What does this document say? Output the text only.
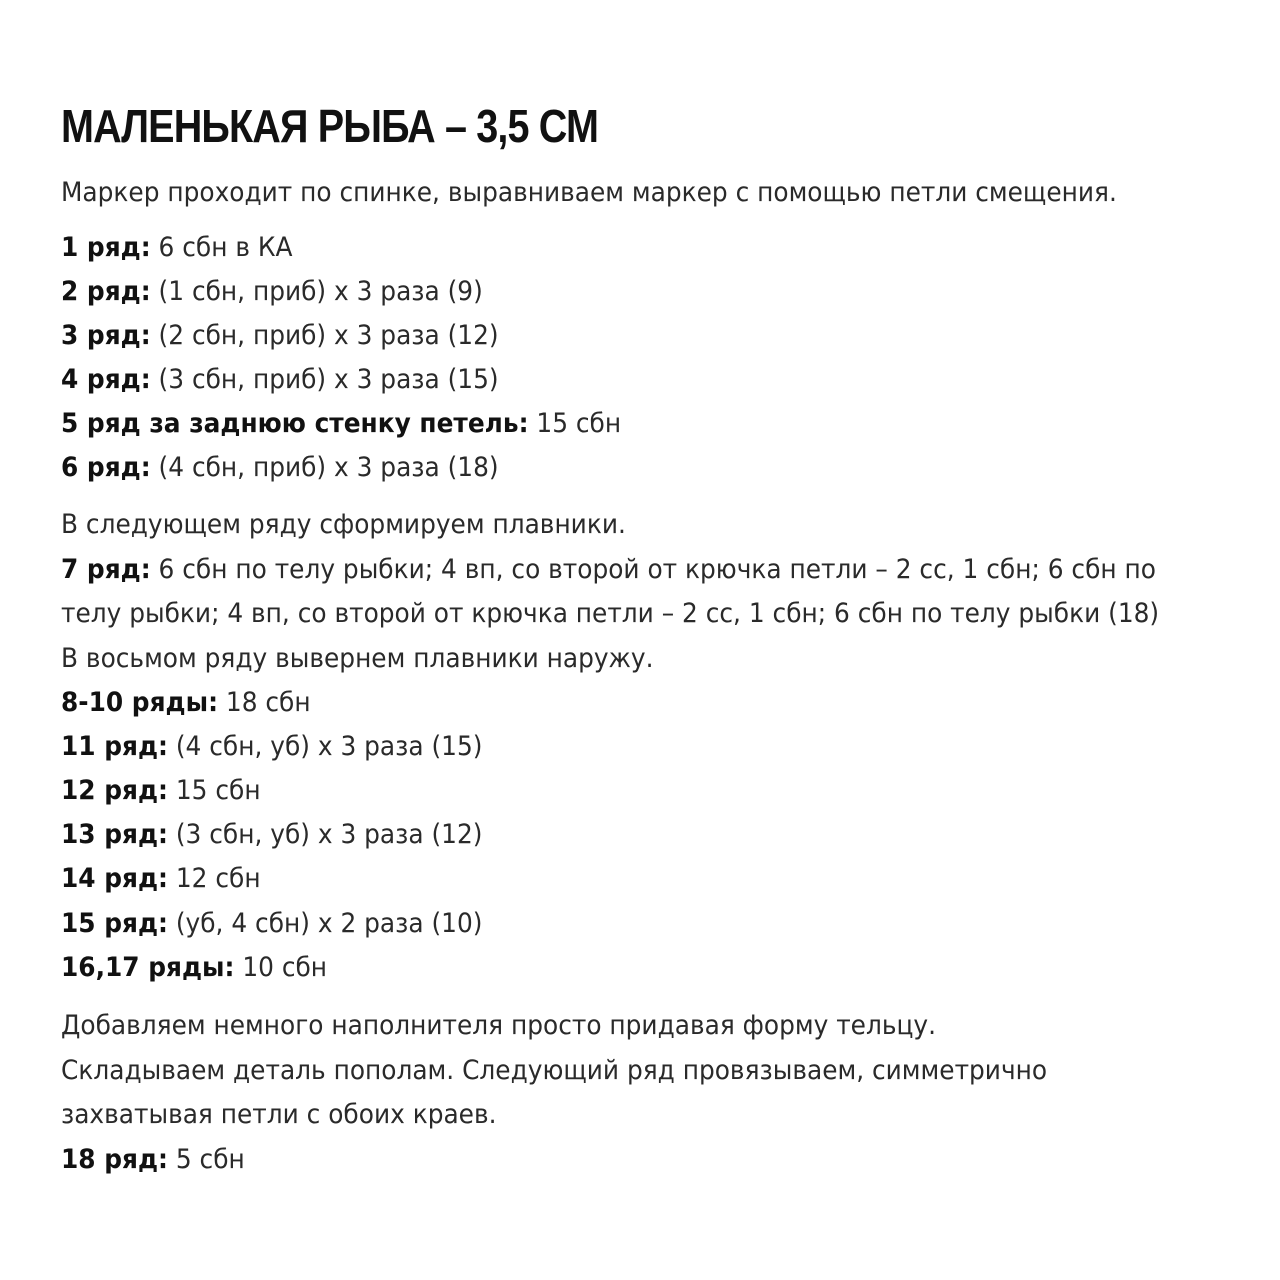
МАЛЕНЬКАЯ РЫБА – 3,5 СМ
Маркер проходит по спинке, выравниваем маркер с помощью петли смещения.
1 ряд: 6 сбн в КА
2 ряд: (1 сбн, приб) х 3 раза (9)
3 ряд: (2 сбн, приб) х 3 раза (12)
4 ряд: (3 сбн, приб) х 3 раза (15)
5 ряд за заднюю стенку петель: 15 сбн
6 ряд: (4 сбн, приб) х 3 раза (18)
В следующем ряду сформируем плавники.
7 ряд: 6 сбн по телу рыбки; 4 вп, со второй от крючка петли – 2 сс, 1 сбн; 6 сбн по
телу рыбки; 4 вп, со второй от крючка петли – 2 сс, 1 сбн; 6 сбн по телу рыбки (18)
В восьмом ряду вывернем плавники наружу.
8-10 ряды: 18 сбн
11 ряд: (4 сбн, уб) х 3 раза (15)
12 ряд: 15 сбн
13 ряд: (3 сбн, уб) х 3 раза (12)
14 ряд: 12 сбн
15 ряд: (уб, 4 сбн) х 2 раза (10)
16,17 ряды: 10 сбн
Добавляем немного наполнителя просто придавая форму тельцу.
Складываем деталь пополам. Следующий ряд провязываем, симметрично
захватывая петли с обоих краев.
18 ряд: 5 сбн
